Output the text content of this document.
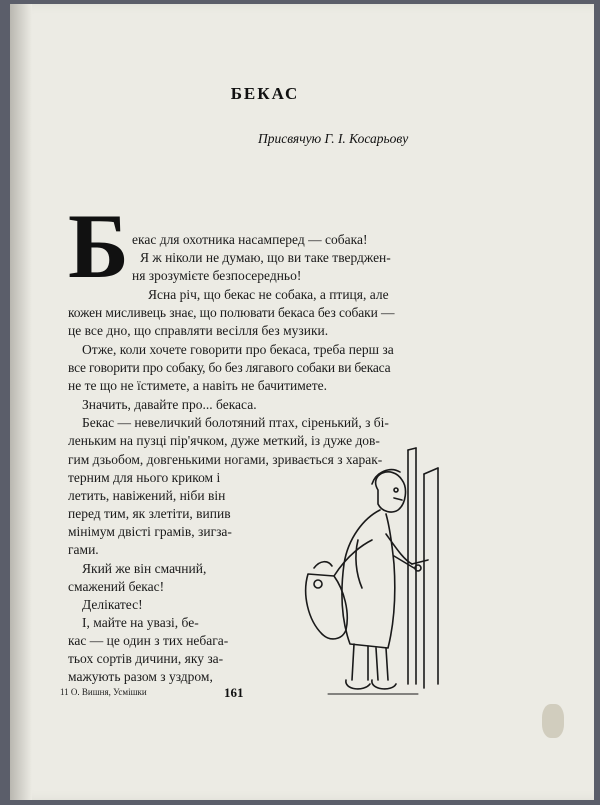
БЕКАС
Присвячую Г. І. Косарьову
Б екас для охотника насамперед — собака!
Я ж ніколи не думаю, що ви таке тверджен-
ня зрозумієте безпосередньо!
Ясна річ, що бекас не собака, а птиця, але
кожен мисливець знає, що полювати бекаса без собаки —
це все дно, що справляти весілля без музики.
Отже, коли хочете говорити про бекаса, треба перш за
все говорити про собаку, бо без лягавого собаки ви бекаса
не те що не їстимете, а навіть не бачитимете.
Значить, давайте про... бекаса.
Бекас — невеличкий болотяний птах, сіренький, з бі-
леньким на пузці пір'ячком, дуже меткий, із дуже дов-
гим дзьобом, довгенькими ногами, зривається з харак-
терним для нього криком і
летить, навіжений, ніби він
перед тим, як злетіти, випив
мінімум двісті грамів, зигза-
гами.
Який же він смачний,
смажений бекас!
Делікатес!
І, майте на увазі, бе-
кас — це один з тих небага-
тьох сортів дичини, яку за-
мажують разом з уздром,
11 О. Вишня, Усмішки	161
